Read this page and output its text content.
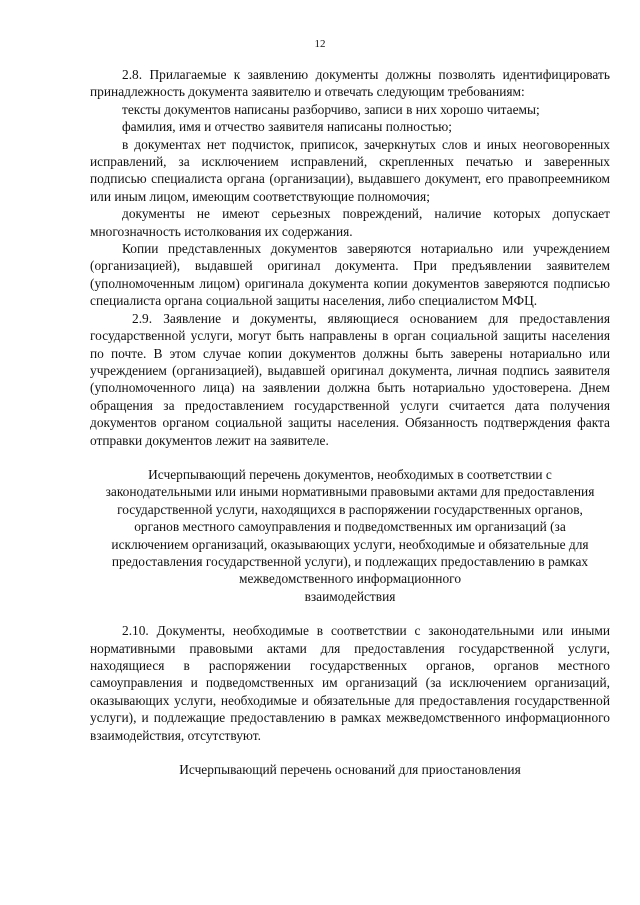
12

2.8. Прилагаемые к заявлению документы должны позволять идентифицировать принадлежность документа заявителю и отвечать следующим требованиям:

тексты документов написаны разборчиво, записи в них хорошо читаемы;

фамилия, имя и отчество заявителя написаны полностью;

в документах нет подчисток, приписок, зачеркнутых слов и иных неоговоренных исправлений, за исключением исправлений, скрепленных печатью и заверенных подписью специалиста органа (организации), выдавшего документ, его правопреемником или иным лицом, имеющим соответствующие полномочия;

документы не имеют серьезных повреждений, наличие которых допускает многозначность истолкования их содержания.

Копии представленных документов заверяются нотариально или учреждением (организацией), выдавшей оригинал документа. При предъявлении заявителем (уполномоченным лицом) оригинала документа копии документов заверяются подписью специалиста органа социальной защиты населения, либо специалистом МФЦ.

2.9. Заявление и документы, являющиеся основанием для предоставления государственной услуги, могут быть направлены в орган социальной защиты населения по почте. В этом случае копии документов должны быть заверены нотариально или учреждением (организацией), выдавшей оригинал документа, личная подпись заявителя (уполномоченного лица) на заявлении должна быть нотариально удостоверена. Днем обращения за предоставлением государственной услуги считается дата получения документов органом социальной защиты населения. Обязанность подтверждения факта отправки документов лежит на заявителе.

Исчерпывающий перечень документов, необходимых в соответствии с законодательными или иными нормативными правовыми актами для предоставления государственной услуги, находящихся в распоряжении государственных органов, органов местного самоуправления и подведомственных им организаций (за исключением организаций, оказывающих услуги, необходимые и обязательные для предоставления государственной услуги), и подлежащих предоставлению в рамках межведомственного информационного

взаимодействия

2.10. Документы, необходимые в соответствии с законодательными или иными нормативными правовыми актами для предоставления государственной услуги, находящиеся в распоряжении государственных органов, органов местного самоуправления и подведомственных им организаций (за исключением организаций, оказывающих услуги, необходимые и обязательные для предоставления государственной услуги), и подлежащие предоставлению в рамках межведомственного информационного взаимодействия, отсутствуют.

Исчерпывающий перечень оснований для приостановления
